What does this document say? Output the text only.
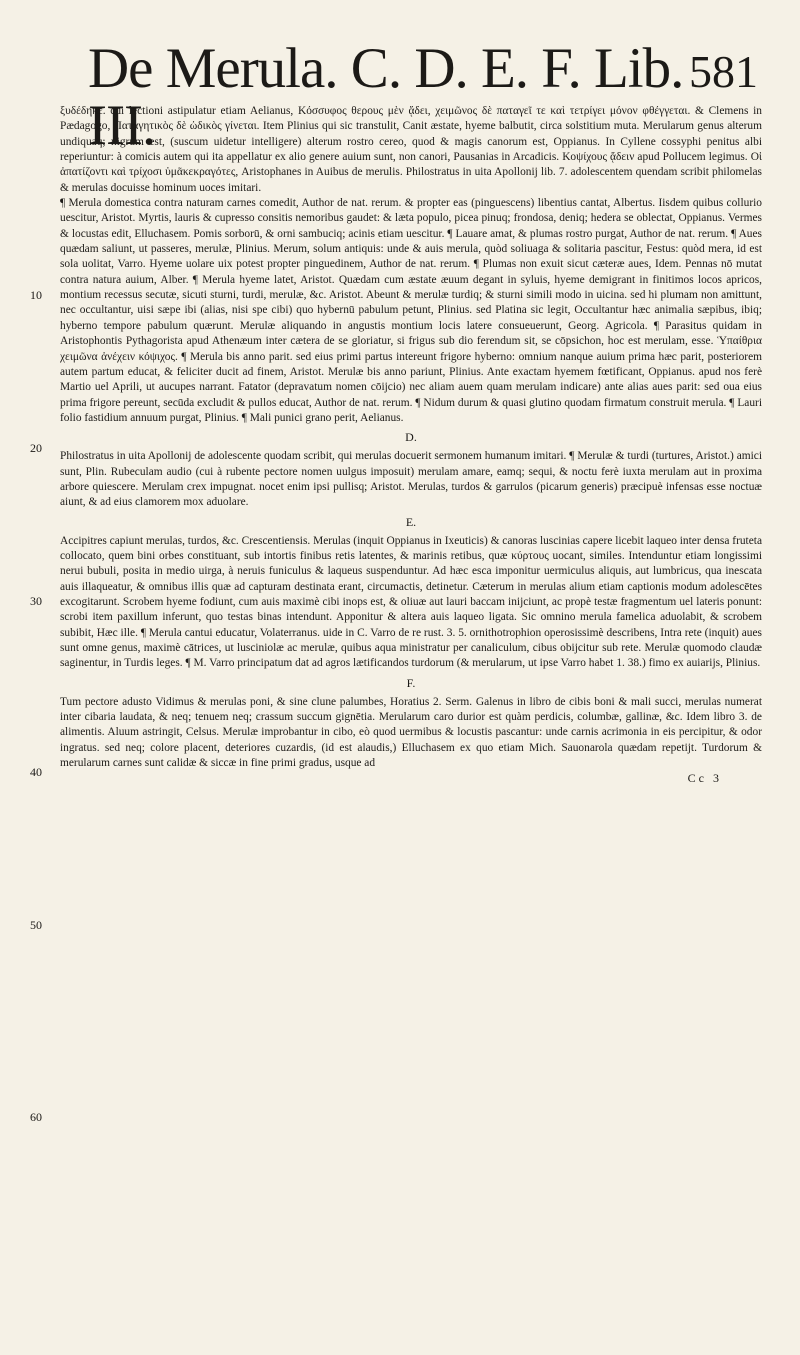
De Merula. C. D. E. F. Lib. III.
581
10
20
30
40
50
60

ξυδέδηκε. cui lectioni astipulatur etiam Aelianus, Κόσσυφος θερους μὲν ᾄδει, χειμῶνος δὲ παταγεῖ τε καὶ τετρίγει μόνον φθέγγεται. & Clemens in Pædagogo, Παταγητικὸς δὲ ὠδικὸς γίνεται. Item Plinius qui sic transtulit, Canit æstate, hyeme balbutit, circa solstitium muta. Merularum genus alterum undiquaq; nigrum est, (suscum uidetur intelligere) alterum rostro cereo, quod & magis canorum est, Oppianus. In Cyllene cossyphi penitus albi reperiuntur: à comicis autem qui ita appellatur ex alio genere auium sunt, non canori, Pausanias in Arcadicis. Κοψίχους ᾄδειν apud Pollucem legimus. Οἱ ἀπατίζοντι καὶ τρίχοσι ὑμᾶκεκραγότες, Aristophanes in Auibus de merulis. Philostratus in uita Apollonij lib. 7. adolescentem quendam scribit philomelas & merulas docuisse hominum uoces imitari.

¶ Merula domestica contra naturam carnes comedit, Author de nat. rerum. & propter eas (pinguescens) libentius cantat, Albertus. Iisdem quibus collurio uescitur, Aristot. Myrtis, lauris & cupresso consitis nemoribus gaudet: & læta populo, picea pinuq; frondosa, deniq; hedera se oblectat, Oppianus. Vermes & locustas edit, Elluchasem. Pomis sorborū, & orni sambuciq; acinis etiam uescitur. ¶ Lauare amat, & plumas rostro purgat, Author de nat. rerum. ¶ Aues quædam saliunt, ut passeres, merulæ, Plinius. Merum, solum antiquis: unde & auis merula, quòd soliuaga & solitaria pascitur, Festus: quòd mera, id est sola uolitat, Varro. Hyeme uolare uix potest propter pinguedinem, Author de nat. rerum. ¶ Plumas non exuit sicut cæteræ aues, Idem. Pennas nō mutat contra natura auium, Alber. ¶ Merula hyeme latet, Aristot. Quædam cum æstate æuum degant in syluis, hyeme demigrant in finitimos locos apricos, montium recessus secutæ, sicuti sturni, turdi, merulæ, &c. Aristot. Abeunt & merulæ turdiq; & sturni simili modo in uicina. sed hi plumam non amittunt, nec occultantur, uisi sæpe ibi (alias, nisi spe cibi) quo hybernū pabulum petunt, Plinius. sed Platina sic legit, Occultantur hæc animalia sæpibus, ibiq; hyberno tempore pabulum quærunt. Merulæ aliquando in angustis montium locis latere consueuerunt, Georg. Agricola. ¶ Parasitus quidam in Aristophontis Pythagorista apud Athenæum inter cætera de se gloriatur, si frigus sub dio ferendum sit, se cōpsichon, hoc est merulam, esse. Ὑπαίθρια χειμῶνα ἀνέχειν κόψιχος. ¶ Merula bis anno parit. sed eius primi partus intereunt frigore hyberno: omnium nanque auium prima hæc parit, posteriorem autem partum educat, & feliciter ducit ad finem, Aristot. Merulæ bis anno pariunt, Plinius. Ante exactam hyemem fœtificant, Oppianus. apud nos ferè Martio uel Aprili, ut aucupes narrant. Fatator (depravatum nomen cōijcio) nec aliam auem quam merulam indicare) ante alias aues parit: sed oua eius prima frigore pereunt, secūda excludit & pullos educat, Author de nat. rerum. ¶ Nidum durum & quasi glutino quodam firmatum construit merula. ¶ Lauri folio fastidium annuum purgat, Plinius. ¶ Mali punici grano perit, Aelianus.

D.

Philostratus in uita Apollonij de adolescente quodam scribit, qui merulas docuerit sermonem humanum imitari. ¶ Merulæ & turdi (turtures, Aristot.) amici sunt, Plin. Rubeculam audio (cui à rubente pectore nomen uulgus imposuit) merulam amare, eamq; sequi, & noctu ferè iuxta merulam aut in proxima arbore quiescere. Merulam crex impugnat. nocet enim ipsi pullisq; Aristot. Merulas, turdos & garrulos (picarum generis) præcipuè infensas esse noctuæ aiunt, & ad eius clamorem mox aduolare.

E.

Accipitres capiunt merulas, turdos, &c. Crescentiensis. Merulas (inquit Oppianus in Ixeuticis) & canoras luscinias capere licebit laqueo inter densa fruteta collocato, quem bini orbes constituant, sub intortis finibus retis latentes, & marinis retibus, quæ κύρτους uocant, similes. Intenduntur etiam longissimi nerui bubuli, posita in medio uirga, à neruis funiculus & laqueus suspenduntur. Ad hæc esca imponitur uermiculus aliquis, aut lumbricus, qua inescata auis illaqueatur, & omnibus illis quæ ad capturam destinata erant, circumactis, detinetur. Cæterum in merulas alium etiam captionis modum adolescētes excogitarunt. Scrobem hyeme fodiunt, cum auis maximè cibi inops est, & oliuæ aut lauri baccam inijciunt, ac propè testæ fragmentum uel lateris ponunt: scrobi item paxillum inferunt, quo testas binas intendunt. Apponitur & altera auis laqueo ligata. Sic omnino merula famelica aduolabit, & scrobem subibit, Hæc ille. ¶ Merula cantui educatur, Volaterranus. uide in C. Varro de re rust. 3. 5. ornithotrophion operosissimè describens, Intra rete (inquit) aues sunt omne genus, maximè cātrices, ut lusciniolæ ac merulæ, quibus aqua ministratur per canaliculum, cibus obijcitur sub rete. Merulæ quomodo claudæ saginentur, in Turdis leges. ¶ M. Varro principatum dat ad agros lætificandos turdorum (& merularum, ut ipse Varro habet 1. 38.) fimo ex auiarijs, Plinius.

F.

Tum pectore adusto Vidimus & merulas poni, & sine clune palumbes, Horatius 2. Serm. Galenus in libro de cibis boni & mali succi, merulas numerat inter cibaria laudata, & neq; tenuem neq; crassum succum gignētia. Merularum caro durior est quàm perdicis, columbæ, gallinæ, &c. Idem libro 3. de alimentis. Aluum astringit, Celsus. Merulæ improbantur in cibo, eò quod uermibus & locustis pascantur: unde carnis acrimonia in eis percipitur, & odor ingratus. sed neq; colore placent, deteriores cuzardis, (id est alaudis,) Elluchasem ex quo etiam Mich. Sauonarola quædam repetijt. Turdorum & merularum carnes sunt calidæ & siccæ in fine primi gradus, usque ad

Cc 3
